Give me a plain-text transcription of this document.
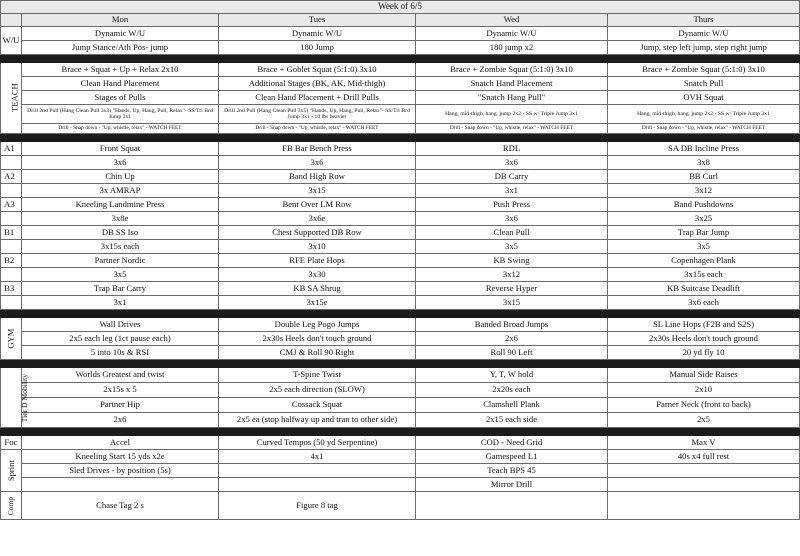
Week of 6/5				
	Mon	Tues	Wed	Thurs
W/U	Dynamic W/U	Dynamic W/U	Dynamic W/U	Dynamic W/U
	Jump Stance/Ath Pos- jump	180 Jump	180 jump x2	Jump, step left jump, step right jump

TEACH	Brace + Squat + Up + Relax 2x10	Brace + Goblet Squat (5:1:0) 3x10	Brace + Zombie Squat (5:1:0) 3x10	Brace + Zombie Squat (5:1:0) 3x10
	Clean Hand Placement	Additional Stages (BK, AK, Mid-thigh)	Snatch Hand Placement	Snatch Pull
	Stages of Pulls	Clean Hand Placement + Drill Pulls	"Snatch Hang Pull"	OVH Squat
	Drill 2nd Pull (Hang Clean Pull 3x3) "Hands, Up, Hang, Pull, Relax"- SS/Tri Brd Jump 3x1	Drill 2nd Pull (Hang Clean Pull 3x5) "Hands, Up, Hang, Pull, Relax"- SS/Tri Brd Jump 3x1 - 10 lbs heavier	Hang, mid-thigh, hang, jump 2x2 - SS w/ Triple Jump 3x1	Hang, mid-thigh, hang, jump 2x2 - SS w/ Triple Jump 3x1
	Drill - Snap down - "Up, whistle, relax" - WATCH FEET	Drill - Snap down - "Up, whistle, relax" - WATCH FEET	Drill - Snap down - "Up, whistle, relax" - WATCH FEET	Drill - Snap down - "Up, whistle, relax" - WATCH FEET

A1	Front Squat	FB Bar Bench Press	RDL	SA DB Incline Press
	3x6	3x6	3x6	3x8
A2	Chin Up	Band High Row	DB Carry	BB Curl
	3x AMRAP	3x15	3x1	3x12
A3	Kneeling Landmine Press	Bent Over LM Row	Push Press	Band Pushdowns
	3x8e	3x6e	3x6	3x25
B1	DB SS Iso	Chest Supported DB Row	Clean Pull	Trap Bar Jump
	3x15s each	3x10	3x5	3x5
B2	Partner Nordic	RFE Plate Hops	KB Swing	Copenhagen Plank
	3x5	3x30	3x12	3x15s each
B3	Trap Bar Carry	KB SA Shrug	Reverse Hyper	KB Suitcase Deadlift
	3x1	3x15e	3x15	3x6 each

GYM	Wall Drives	Double Leg Pogo Jumps	Banded Broad Jumps	SL Line Hops (F2B and S2S)
	2x5 each leg (1ct pause each)	2x30s Heels don't touch ground	2x6	2x30s Heels don't touch ground
	5 into 10s & RSI	CMJ & Roll 90 Right	Roll 90 Left	20 yd fly 10

Tier D Mobility	Worlds Greatest and twist	T-Spine Twist	Y, T, W hold	Manual Side Raises
	2x15s x 5	2x5 each direction (SLOW)	2x20s each	2x10
	Partner Hip	Cossack Squat	Clamshell Plank	Parner Neck (front to back)
	2x6	2x5 ea (stop halfway up and tran to other side)	2x15 each side	2x5

Foc	Accel	Curved Tempos (50 yd Serpentine)	COD - Need Grid	Max V
Sprint	Kneeling Start 15 yds x2e	4x1	Gamespeed L1	40s x4 full rest
	Sled Drives - by position (5s)		Teach BPS 45	
			Mirror Drill	
Comp	Chase Tag 2 s	Figure 8 tag		
